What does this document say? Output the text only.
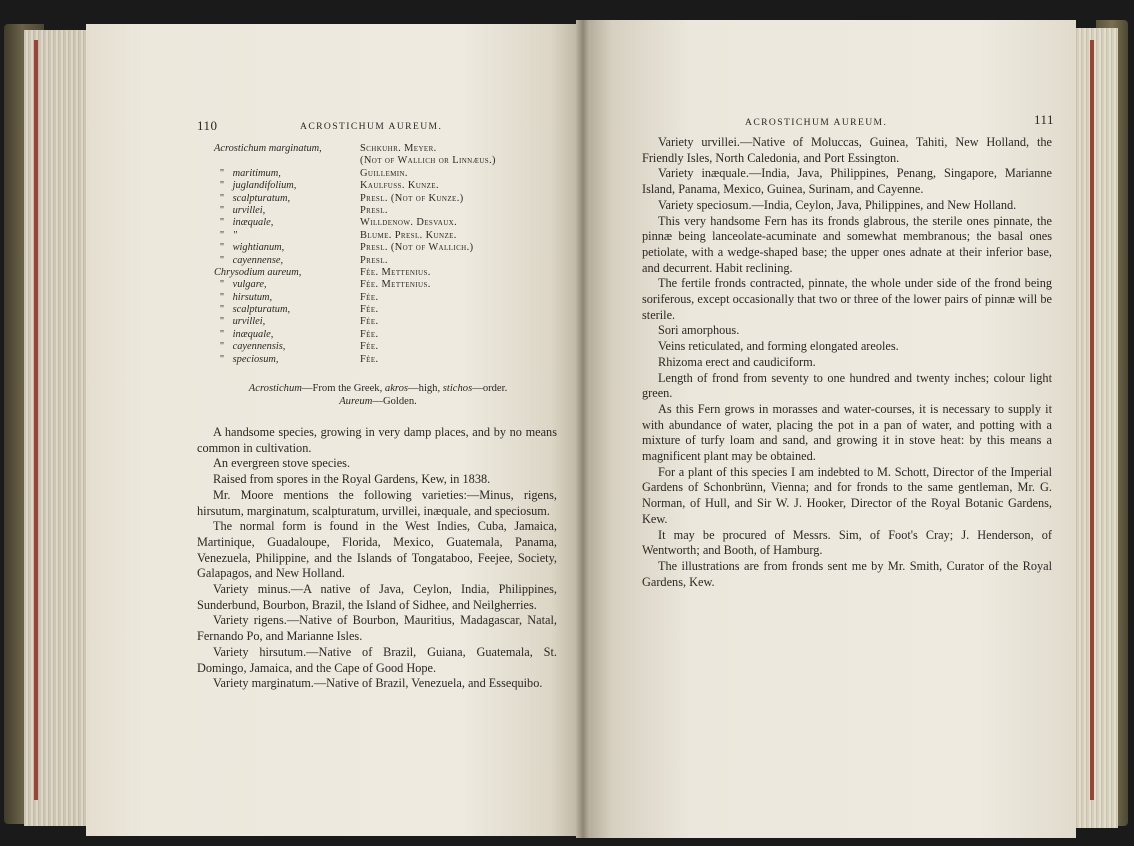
110	ACROSTICHUM AUREUM.
Acrostichum marginatum,	Schkuhr. Meyer.
(Not of Wallich or Linnæus.)
" maritimum,	Guillemin.
" juglandifolium,	Kaulfuss. Kunze.
" scalpturatum,	Presl. (Not of Kunze.)
" urvillei,	Presl.
" inæquale,	Willdenow. Desvaux.
" "	Blume. Presl. Kunze.
" wightianum,	Presl. (Not of Wallich.)
" cayennense,	Presl.
Chrysodium aureum,	Fée. Mettenius.
" vulgare,	Fée. Mettenius.
" hirsutum,	Fée.
" scalpturatum,	Fée.
" urvillei,	Fée.
" inæquale,	Fée.
" cayennensis,	Fée.
" speciosum,	Fée.
Acrostichum—From the Greek, akros—high, stichos—order.
Aureum—Golden.

A handsome species, growing in very damp places, and by no means common in cultivation.

An evergreen stove species.

Raised from spores in the Royal Gardens, Kew, in 1838.

Mr. Moore mentions the following varieties:—Minus, rigens, hirsutum, marginatum, scalpturatum, urvillei, inæquale, and speciosum.

The normal form is found in the West Indies, Cuba, Jamaica, Martinique, Guadaloupe, Florida, Mexico, Guatemala, Panama, Venezuela, Philippine, and the Islands of Tongataboo, Feejee, Society, Galapagos, and New Holland.

Variety minus.—A native of Java, Ceylon, India, Philippines, Sunderbund, Bourbon, Brazil, the Island of Sidhee, and Neilgherries.

Variety rigens.—Native of Bourbon, Mauritius, Madagascar, Natal, Fernando Po, and Marianne Isles.

Variety hirsutum.—Native of Brazil, Guiana, Guatemala, St. Domingo, Jamaica, and the Cape of Good Hope.

Variety marginatum.—Native of Brazil, Venezuela, and Essequibo.

ACROSTICHUM AUREUM.	111

Variety urvillei.—Native of Moluccas, Guinea, Tahiti, New Holland, the Friendly Isles, North Caledonia, and Port Essington.

Variety inæquale.—India, Java, Philippines, Penang, Singapore, Marianne Island, Panama, Mexico, Guinea, Surinam, and Cayenne.

Variety speciosum.—India, Ceylon, Java, Philippines, and New Holland.

This very handsome Fern has its fronds glabrous, the sterile ones pinnate, the pinnæ being lanceolate-acuminate and somewhat membranous; the basal ones petiolate, with a wedge-shaped base; the upper ones adnate at their inferior base, and decurrent. Habit reclining.

The fertile fronds contracted, pinnate, the whole under side of the frond being soriferous, except occasionally that two or three of the lower pairs of pinnæ will be sterile.

Sori amorphous.

Veins reticulated, and forming elongated areoles.

Rhizoma erect and caudiciform.

Length of frond from seventy to one hundred and twenty inches; colour light green.

As this Fern grows in morasses and water-courses, it is necessary to supply it with abundance of water, placing the pot in a pan of water, and potting with a mixture of turfy loam and sand, and growing it in stove heat: by this means a magnificent plant may be obtained.

For a plant of this species I am indebted to M. Schott, Director of the Imperial Gardens of Schonbrünn, Vienna; and for fronds to the same gentleman, Mr. G. Norman, of Hull, and Sir W. J. Hooker, Director of the Royal Botanic Gardens, Kew.

It may be procured of Messrs. Sim, of Foot's Cray; J. Henderson, of Wentworth; and Booth, of Hamburg.

The illustrations are from fronds sent me by Mr. Smith, Curator of the Royal Gardens, Kew.
